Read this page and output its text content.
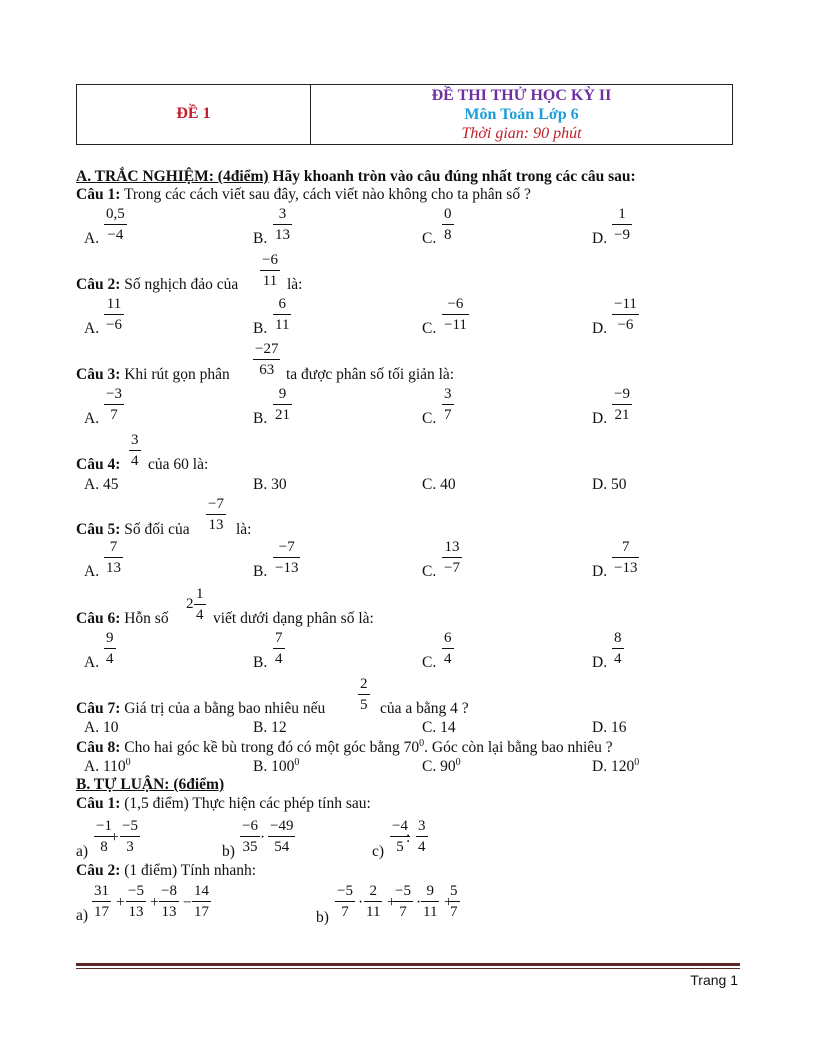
ĐỀ 1
ĐỀ THI THỬ HỌC KỲ II
Môn Toán Lớp 6
Thời gian: 90 phút
A. TRẮC NGHIỆM: (4điểm) Hãy khoanh tròn vào câu đúng nhất trong các câu sau:
Câu 1: Trong các cách viết sau đây, cách viết nào không cho ta phân số ?
A.
0,5
−4	B.
3
13	C.
0
8	D.
1
−9
Câu 2: Số nghịch đảo của
−6
11 là:
A.
11
−6	B.
6
11	C.
−6
−11	D.
−11
−6
Câu 3: Khi rút gọn phân
−27
63 ta được phân số tối giản là:
A.
−3
7	B.
9
21	C.
3
7	D.
−9
21
Câu 4:
3
4 của 60 là:
A. 45	B. 30	C. 40	D. 50
Câu 5: Số đối của
−7
13 là:
A.
7
13	B.
−7
−13	C.
13
−7	D.
7
−13
Câu 6: Hỗn số
2
1
4 viết dưới dạng phân số là:
A.
9
4	B.
7
4	C.
6
4	D.
8
4
Câu 7: Giá trị của a bằng bao nhiêu nếu
2
5 của a bằng 4 ?
A. 10	B. 12	C. 14	D. 16
Câu 8: Cho hai góc kề bù trong đó có một góc bằng $70^0$. Góc còn lại bằng bao nhiêu ?
A. $110^0$	B. $100^0$	C. $90^0$	D. $120^0$
B. TỰ LUẬN: (6điểm)
Câu 1: (1,5 điểm) Thực hiện các phép tính sau:
a)
−1
8
+
−5
3	b)
−6
35
·
−49
54	c)
−4
5
:
3
4
Câu 2: (1 điểm) Tính nhanh:
a)
31
17
+
−5
13
+
−8
13
−
14
17	b)
−5
7
·
2
11
+
−5
7
·
9
11
+
5
7
Trang 1
